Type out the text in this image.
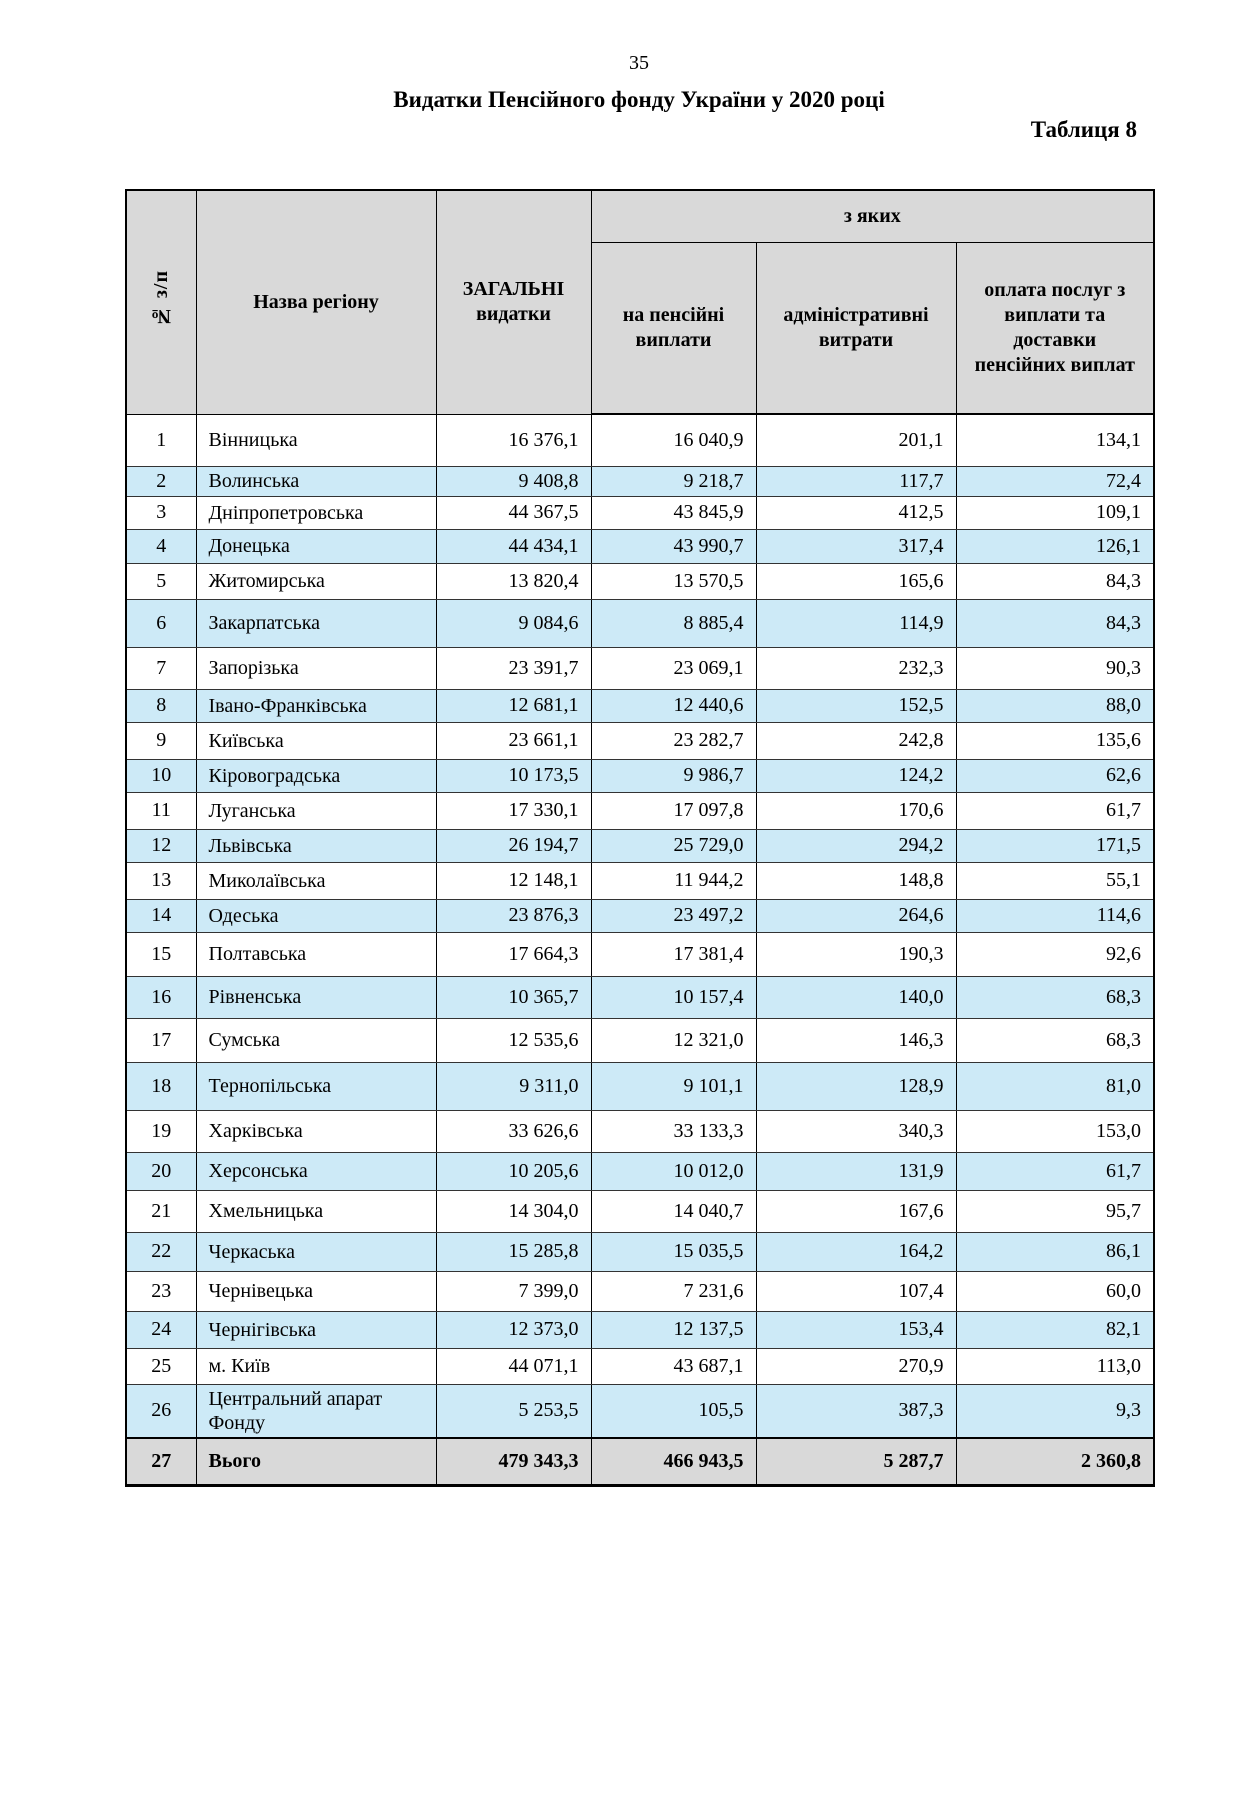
35
Видатки Пенсійного фонду України у 2020 році
Таблиця 8
№ з/п	Назва регіону	ЗАГАЛЬНІ видатки	з яких		
			на пенсійні виплати	адміністративні витрати	оплата послуг з виплати та доставки пенсійних виплат
1	Вінницька	16 376,1	16 040,9	201,1	134,1
2	Волинська	9 408,8	9 218,7	117,7	72,4
3	Дніпропетровська	44 367,5	43 845,9	412,5	109,1
4	Донецька	44 434,1	43 990,7	317,4	126,1
5	Житомирська	13 820,4	13 570,5	165,6	84,3
6	Закарпатська	9 084,6	8 885,4	114,9	84,3
7	Запорізька	23 391,7	23 069,1	232,3	90,3
8	Івано-Франківська	12 681,1	12 440,6	152,5	88,0
9	Київська	23 661,1	23 282,7	242,8	135,6
10	Кіровоградська	10 173,5	9 986,7	124,2	62,6
11	Луганська	17 330,1	17 097,8	170,6	61,7
12	Львівська	26 194,7	25 729,0	294,2	171,5
13	Миколаївська	12 148,1	11 944,2	148,8	55,1
14	Одеська	23 876,3	23 497,2	264,6	114,6
15	Полтавська	17 664,3	17 381,4	190,3	92,6
16	Рівненська	10 365,7	10 157,4	140,0	68,3
17	Сумська	12 535,6	12 321,0	146,3	68,3
18	Тернопільська	9 311,0	9 101,1	128,9	81,0
19	Харківська	33 626,6	33 133,3	340,3	153,0
20	Херсонська	10 205,6	10 012,0	131,9	61,7
21	Хмельницька	14 304,0	14 040,7	167,6	95,7
22	Черкаська	15 285,8	15 035,5	164,2	86,1
23	Чернівецька	7 399,0	7 231,6	107,4	60,0
24	Чернігівська	12 373,0	12 137,5	153,4	82,1
25	м. Київ	44 071,1	43 687,1	270,9	113,0
26	Центральний апарат Фонду	5 253,5	105,5	387,3	9,3
27	Вього	479 343,3	466 943,5	5 287,7	2 360,8
